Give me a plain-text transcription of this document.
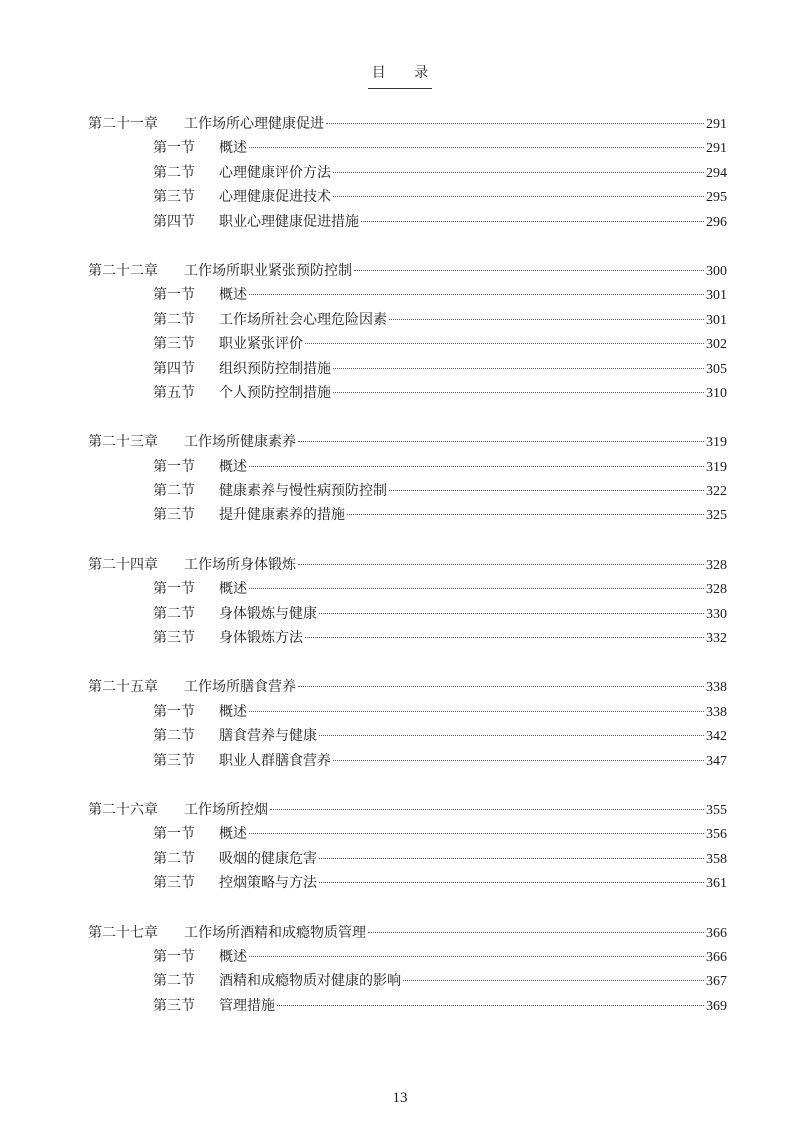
目 录
第二十一章	工作场所心理健康促进	291
第一节	概述	291
第二节	心理健康评价方法	294
第三节	心理健康促进技术	295
第四节	职业心理健康促进措施	296
第二十二章	工作场所职业紧张预防控制	300
第一节	概述	301
第二节	工作场所社会心理危险因素	301
第三节	职业紧张评价	302
第四节	组织预防控制措施	305
第五节	个人预防控制措施	310
第二十三章	工作场所健康素养	319
第一节	概述	319
第二节	健康素养与慢性病预防控制	322
第三节	提升健康素养的措施	325
第二十四章	工作场所身体锻炼	328
第一节	概述	328
第二节	身体锻炼与健康	330
第三节	身体锻炼方法	332
第二十五章	工作场所膳食营养	338
第一节	概述	338
第二节	膳食营养与健康	342
第三节	职业人群膳食营养	347
第二十六章	工作场所控烟	355
第一节	概述	356
第二节	吸烟的健康危害	358
第三节	控烟策略与方法	361
第二十七章	工作场所酒精和成瘾物质管理	366
第一节	概述	366
第二节	酒精和成瘾物质对健康的影响	367
第三节	管理措施	369
13
